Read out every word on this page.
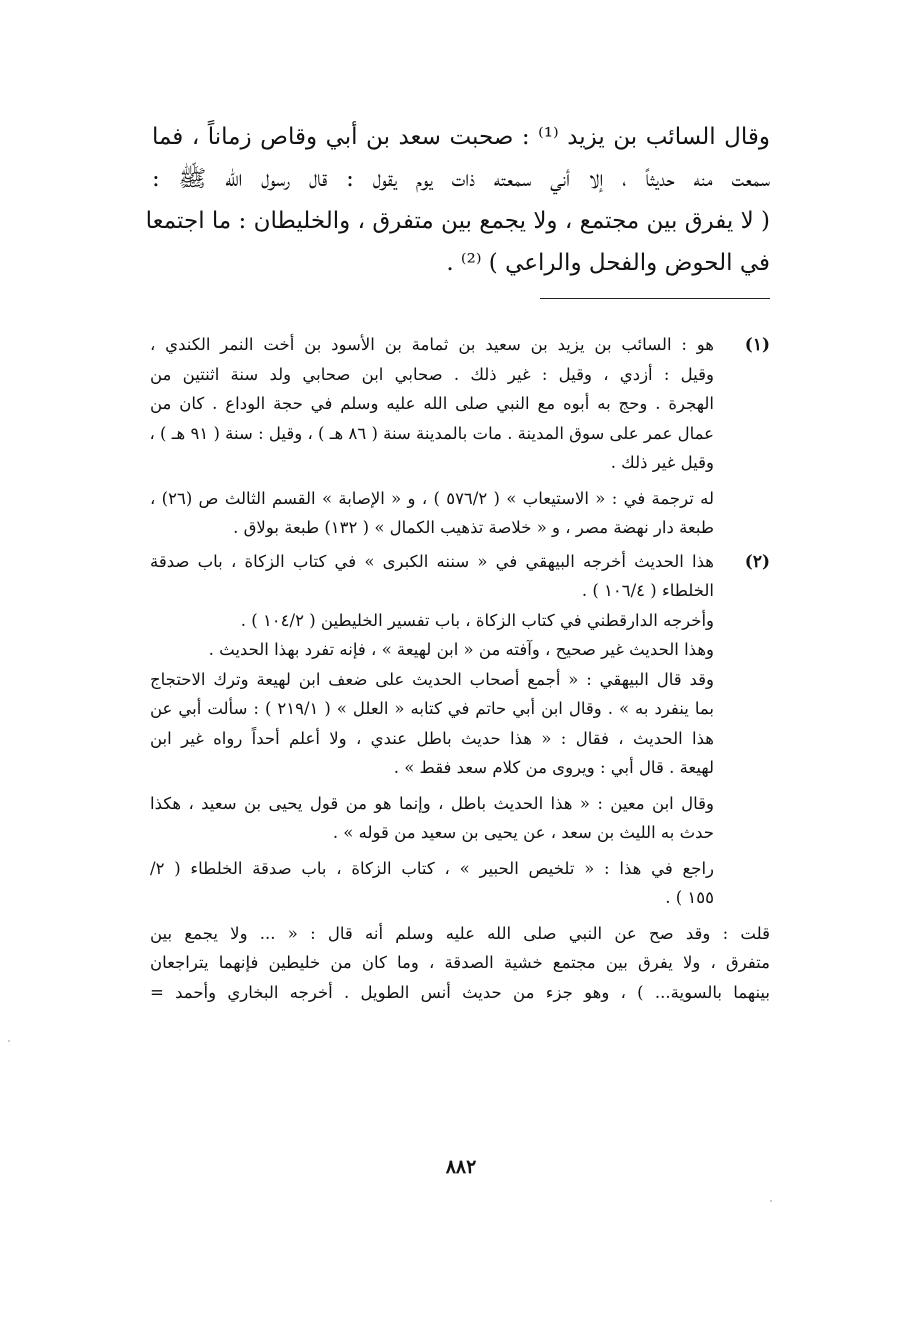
وقال السائب بن يزيد ⁽¹⁾ : صحبت سعد بن أبي وقاص زماناً ، فما
سمعت منه حديثاً ، إلا أني سمعته ذات يوم يقول : قال رسول الله ﷺ :
( لا يفرق بين مجتمع ، ولا يجمع بين متفرق ، والخليطان : ما اجتمعا
في الحوض والفحل والراعي ) ⁽²⁾ .
(١)
هو : السائب بن يزيد بن سعيد بن ثمامة بن الأسود بن أخت النمر الكندي ،
وقيل : أزدي ، وقيل : غير ذلك . صحابي ابن صحابي ولد سنة اثنتين من
الهجرة . وحج به أبوه مع النبي صلى الله عليه وسلم في حجة الوداع . كان من
عمال عمر على سوق المدينة . مات بالمدينة سنة ( ٨٦ هـ ) ، وقيل : سنة ( ٩١ هـ ) ،
وقيل غير ذلك .
له ترجمة في : « الاستيعاب » ( ٥٧٦/٢ ) ، و « الإصابة » القسم الثالث ص (٢٦) ،
طبعة دار نهضة مصر ، و « خلاصة تذهيب الكمال » ( ١٣٢) طبعة بولاق .
(٢)
هذا الحديث أخرجه البيهقي في « سننه الكبرى » في كتاب الزكاة ، باب صدقة
الخلطاء ( ١٠٦/٤ ) .
وأخرجه الدارقطني في كتاب الزكاة ، باب تفسير الخليطين ( ١٠٤/٢ ) .
وهذا الحديث غير صحيح ، وآفته من « ابن لهيعة » ، فإنه تفرد بهذا الحديث .
وقد قال البيهقي : « أجمع أصحاب الحديث على ضعف ابن لهيعة وترك الاحتجاج
بما ينفرد به » . وقال ابن أبي حاتم في كتابه « العلل » ( ٢١٩/١ ) : سألت أبي عن
هذا الحديث ، فقال : « هذا حديث باطل عندي ، ولا أعلم أحداً رواه غير ابن
لهيعة . قال أبي : ويروى من كلام سعد فقط » .
وقال ابن معين : « هذا الحديث باطل ، وإنما هو من قول يحيى بن سعيد ، هكذا
حدث به الليث بن سعد ، عن يحيى بن سعيد من قوله » .
راجع في هذا : « تلخيص الحبير » ، كتاب الزكاة ، باب صدقة الخلطاء ( ٢/
١٥٥ ) .
قلت : وقد صح عن النبي صلى الله عليه وسلم أنه قال : « ... ولا يجمع بين
متفرق ، ولا يفرق بين مجتمع خشية الصدقة ، وما كان من خليطين فإنهما يتراجعان
بينهما بالسوية... ) ، وهو جزء من حديث أنس الطويل . أخرجه البخاري وأحمد =
٨٨٢
